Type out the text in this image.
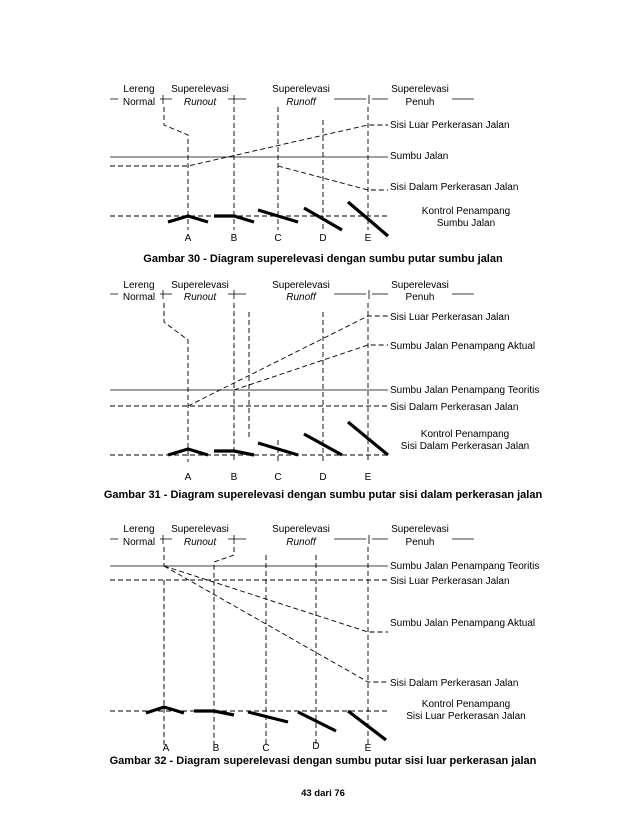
Lereng
Normal
Superelevasi
Runout
Superelevasi
Runoff
Superelevasi
Penuh
Sisi Luar Perkerasan Jalan
Sumbu Jalan
Sisi Dalam Perkerasan Jalan
Kontrol Penampang
Sumbu Jalan
A	B	C	D	E
Gambar 30 - Diagram superelevasi dengan sumbu putar sumbu jalan
Lereng
Normal
Superelevasi
Runout
Superelevasi
Runoff
Superelevasi
Penuh
Sisi Luar Perkerasan Jalan
Sumbu Jalan Penampang Aktual
Sumbu Jalan Penampang Teoritis
Sisi Dalam Perkerasan Jalan
Kontrol Penampang
Sisi Dalam Perkerasan Jalan
A	B	C	D	E
Gambar 31 - Diagram superelevasi dengan sumbu putar sisi dalam perkerasan jalan
Lereng
Normal
Superelevasi
Runout
Superelevasi
Runoff
Superelevasi
Penuh
Sumbu Jalan Penampang Teoritis
Sisi Luar Perkerasan Jalan
Sumbu Jalan Penampang Aktual
Sisi Dalam Perkerasan Jalan
Kontrol Penampang
Sisi Luar Perkerasan Jalan
A	B	C	D	E
Gambar 32 - Diagram superelevasi dengan sumbu putar sisi luar perkerasan jalan
43 dari 76
